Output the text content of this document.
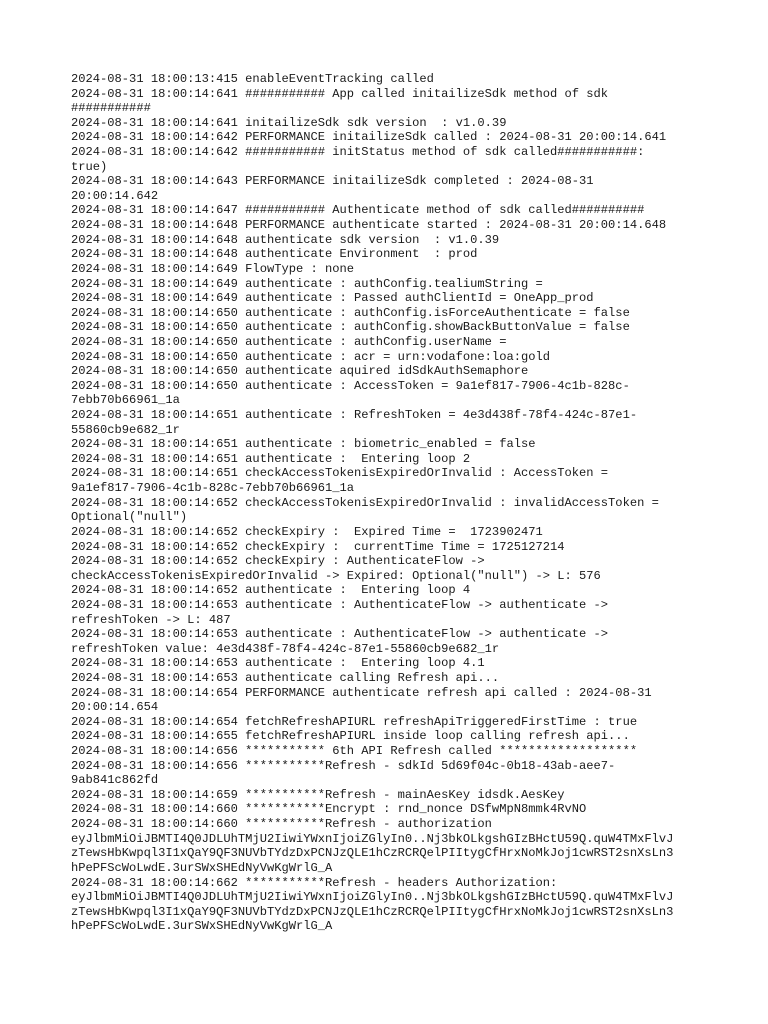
2024-08-31 18:00:13:415 enableEventTracking called
2024-08-31 18:00:14:641 ########### App called initailizeSdk method of sdk
###########
2024-08-31 18:00:14:641 initailizeSdk sdk version  : v1.0.39
2024-08-31 18:00:14:642 PERFORMANCE initailizeSdk called : 2024-08-31 20:00:14.641
2024-08-31 18:00:14:642 ########### initStatus method of sdk called###########:
true)
2024-08-31 18:00:14:643 PERFORMANCE initailizeSdk completed : 2024-08-31
20:00:14.642
2024-08-31 18:00:14:647 ########### Authenticate method of sdk called##########
2024-08-31 18:00:14:648 PERFORMANCE authenticate started : 2024-08-31 20:00:14.648
2024-08-31 18:00:14:648 authenticate sdk version  : v1.0.39
2024-08-31 18:00:14:648 authenticate Environment  : prod
2024-08-31 18:00:14:649 FlowType : none
2024-08-31 18:00:14:649 authenticate : authConfig.tealiumString =
2024-08-31 18:00:14:649 authenticate : Passed authClientId = OneApp_prod
2024-08-31 18:00:14:650 authenticate : authConfig.isForceAuthenticate = false
2024-08-31 18:00:14:650 authenticate : authConfig.showBackButtonValue = false
2024-08-31 18:00:14:650 authenticate : authConfig.userName =
2024-08-31 18:00:14:650 authenticate : acr = urn:vodafone:loa:gold
2024-08-31 18:00:14:650 authenticate aquired idSdkAuthSemaphore
2024-08-31 18:00:14:650 authenticate : AccessToken = 9a1ef817-7906-4c1b-828c-
7ebb70b66961_1a
2024-08-31 18:00:14:651 authenticate : RefreshToken = 4e3d438f-78f4-424c-87e1-
55860cb9e682_1r
2024-08-31 18:00:14:651 authenticate : biometric_enabled = false
2024-08-31 18:00:14:651 authenticate :  Entering loop 2
2024-08-31 18:00:14:651 checkAccessTokenisExpiredOrInvalid : AccessToken =
9a1ef817-7906-4c1b-828c-7ebb70b66961_1a
2024-08-31 18:00:14:652 checkAccessTokenisExpiredOrInvalid : invalidAccessToken =
Optional("null")
2024-08-31 18:00:14:652 checkExpiry :  Expired Time =  1723902471
2024-08-31 18:00:14:652 checkExpiry :  currentTime Time = 1725127214
2024-08-31 18:00:14:652 checkExpiry : AuthenticateFlow ->
checkAccessTokenisExpiredOrInvalid -> Expired: Optional("null") -> L: 576
2024-08-31 18:00:14:652 authenticate :  Entering loop 4
2024-08-31 18:00:14:653 authenticate : AuthenticateFlow -> authenticate ->
refreshToken -> L: 487
2024-08-31 18:00:14:653 authenticate : AuthenticateFlow -> authenticate ->
refreshToken value: 4e3d438f-78f4-424c-87e1-55860cb9e682_1r
2024-08-31 18:00:14:653 authenticate :  Entering loop 4.1
2024-08-31 18:00:14:653 authenticate calling Refresh api...
2024-08-31 18:00:14:654 PERFORMANCE authenticate refresh api called : 2024-08-31
20:00:14.654
2024-08-31 18:00:14:654 fetchRefreshAPIURL refreshApiTriggeredFirstTime : true
2024-08-31 18:00:14:655 fetchRefreshAPIURL inside loop calling refresh api...
2024-08-31 18:00:14:656 *********** 6th API Refresh called *******************
2024-08-31 18:00:14:656 ***********Refresh - sdkId 5d69f04c-0b18-43ab-aee7-
9ab841c862fd
2024-08-31 18:00:14:659 ***********Refresh - mainAesKey idsdk.AesKey
2024-08-31 18:00:14:660 ***********Encrypt : rnd_nonce DSfwMpN8mmk4RvNO
2024-08-31 18:00:14:660 ***********Refresh - authorization
eyJlbmMiOiJBMTI4Q0JDLUhTMjU2IiwiYWxnIjoiZGlyIn0..Nj3bkOLkgshGIzBHctU59Q.quW4TMxFlvJ
zTewsHbKwpql3I1xQaY9QF3NUVbTYdzDxPCNJzQLE1hCzRCRQelPIItygCfHrxNoMkJoj1cwRST2snXsLn3
hPePFScWoLwdE.3urSWxSHEdNyVwKgWrlG_A
2024-08-31 18:00:14:662 ***********Refresh - headers Authorization:
eyJlbmMiOiJBMTI4Q0JDLUhTMjU2IiwiYWxnIjoiZGlyIn0..Nj3bkOLkgshGIzBHctU59Q.quW4TMxFlvJ
zTewsHbKwpql3I1xQaY9QF3NUVbTYdzDxPCNJzQLE1hCzRCRQelPIItygCfHrxNoMkJoj1cwRST2snXsLn3
hPePFScWoLwdE.3urSWxSHEdNyVwKgWrlG_A
